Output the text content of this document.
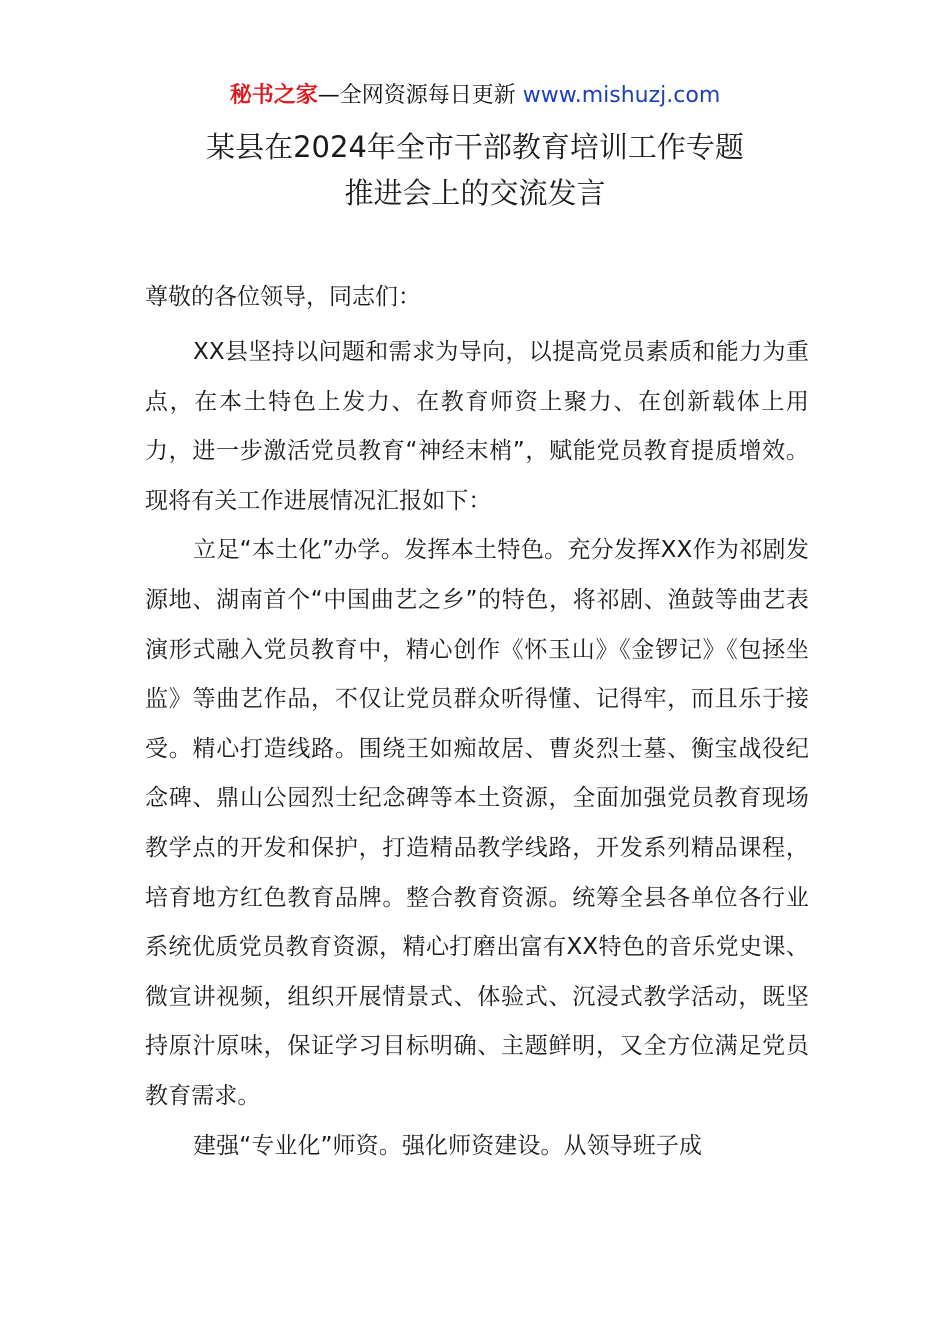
秘书之家—全网资源每日更新 www.mishuzj.com
某县在2024年全市干部教育培训工作专题
推进会上的交流发言

尊敬的各位领导，同志们：

XX县坚持以问题和需求为导向，以提高党员素质和能力为重点，在本土特色上发力、在教育师资上聚力、在创新载体上用力，进一步激活党员教育“神经末梢”，赋能党员教育提质增效。现将有关工作进展情况汇报如下：

立足“本土化”办学。发挥本土特色。充分发挥XX作为祁剧发源地、湖南首个“中国曲艺之乡”的特色，将祁剧、渔鼓等曲艺表演形式融入党员教育中，精心创作《怀玉山》《金锣记》《包拯坐监》等曲艺作品，不仅让党员群众听得懂、记得牢，而且乐于接受。精心打造线路。围绕王如痴故居、曹炎烈士墓、衡宝战役纪念碑、鼎山公园烈士纪念碑等本土资源，全面加强党员教育现场教学点的开发和保护，打造精品教学线路，开发系列精品课程，培育地方红色教育品牌。整合教育资源。统筹全县各单位各行业系统优质党员教育资源，精心打磨出富有XX特色的音乐党史课、微宣讲视频，组织开展情景式、体验式、沉浸式教学活动，既坚持原汁原味，保证学习目标明确、主题鲜明，又全方位满足党员教育需求。

建强“专业化”师资。强化师资建设。从领导班子成
